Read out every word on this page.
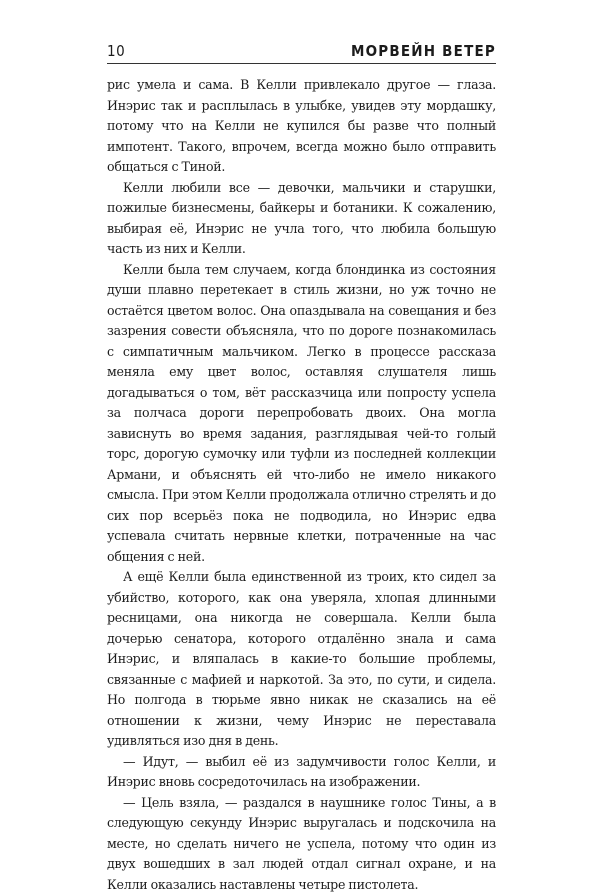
10	МОРВЕЙН ВЕТЕР

рис умела и сама. В Келли привлекало другое — глаза. Инэрис так и расплылась в улыбке, увидев эту мордашку, потому что на Келли не купился бы разве что полный импотент. Такого, впрочем, всегда можно было отправить общаться с Тиной.

Келли любили все — девочки, мальчики и старушки, пожилые бизнесмены, байкеры и ботаники. К сожалению, выбирая её, Инэрис не учла того, что любила большую часть из них и Келли.

Келли была тем случаем, когда блондинка из состояния души плавно перетекает в стиль жизни, но уж точно не остаётся цветом волос. Она опаздывала на совещания и без зазрения совести объясняла, что по дороге познакомилась с симпатичным мальчиком. Легко в процессе рассказа меняла ему цвет волос, оставляя слушателя лишь догадываться о том, вёт рассказчица или попросту успела за полчаса дороги перепробовать двоих. Она могла зависнуть во время задания, разглядывая чей-то голый торс, дорогую сумочку или туфли из последней коллекции Армани, и объяснять ей что-либо не имело никакого смысла. При этом Келли продолжала отлично стрелять и до сих пор всерьёз пока не подводила, но Инэрис едва успевала считать нервные клетки, потраченные на час общения с ней.

А ещё Келли была единственной из троих, кто сидел за убийство, которого, как она уверяла, хлопая длинными ресницами, она никогда не совершала. Келли была дочерью сенатора, которого отдалённо знала и сама Инэрис, и вляпалась в какие-то большие проблемы, связанные с мафией и наркотой. За это, по сути, и сидела. Но полгода в тюрьме явно никак не сказались на её отношении к жизни, чему Инэрис не переставала удивляться изо дня в день.

— Идут, — выбил её из задумчивости голос Келли, и Инэрис вновь сосредоточилась на изображении.

— Цель взяла, — раздался в наушнике голос Тины, а в следующую секунду Инэрис выругалась и подскочила на месте, но сделать ничего не успела, потому что один из двух вошедших в зал людей отдал сигнал охране, и на Келли оказались наставлены четыре пистолета.
